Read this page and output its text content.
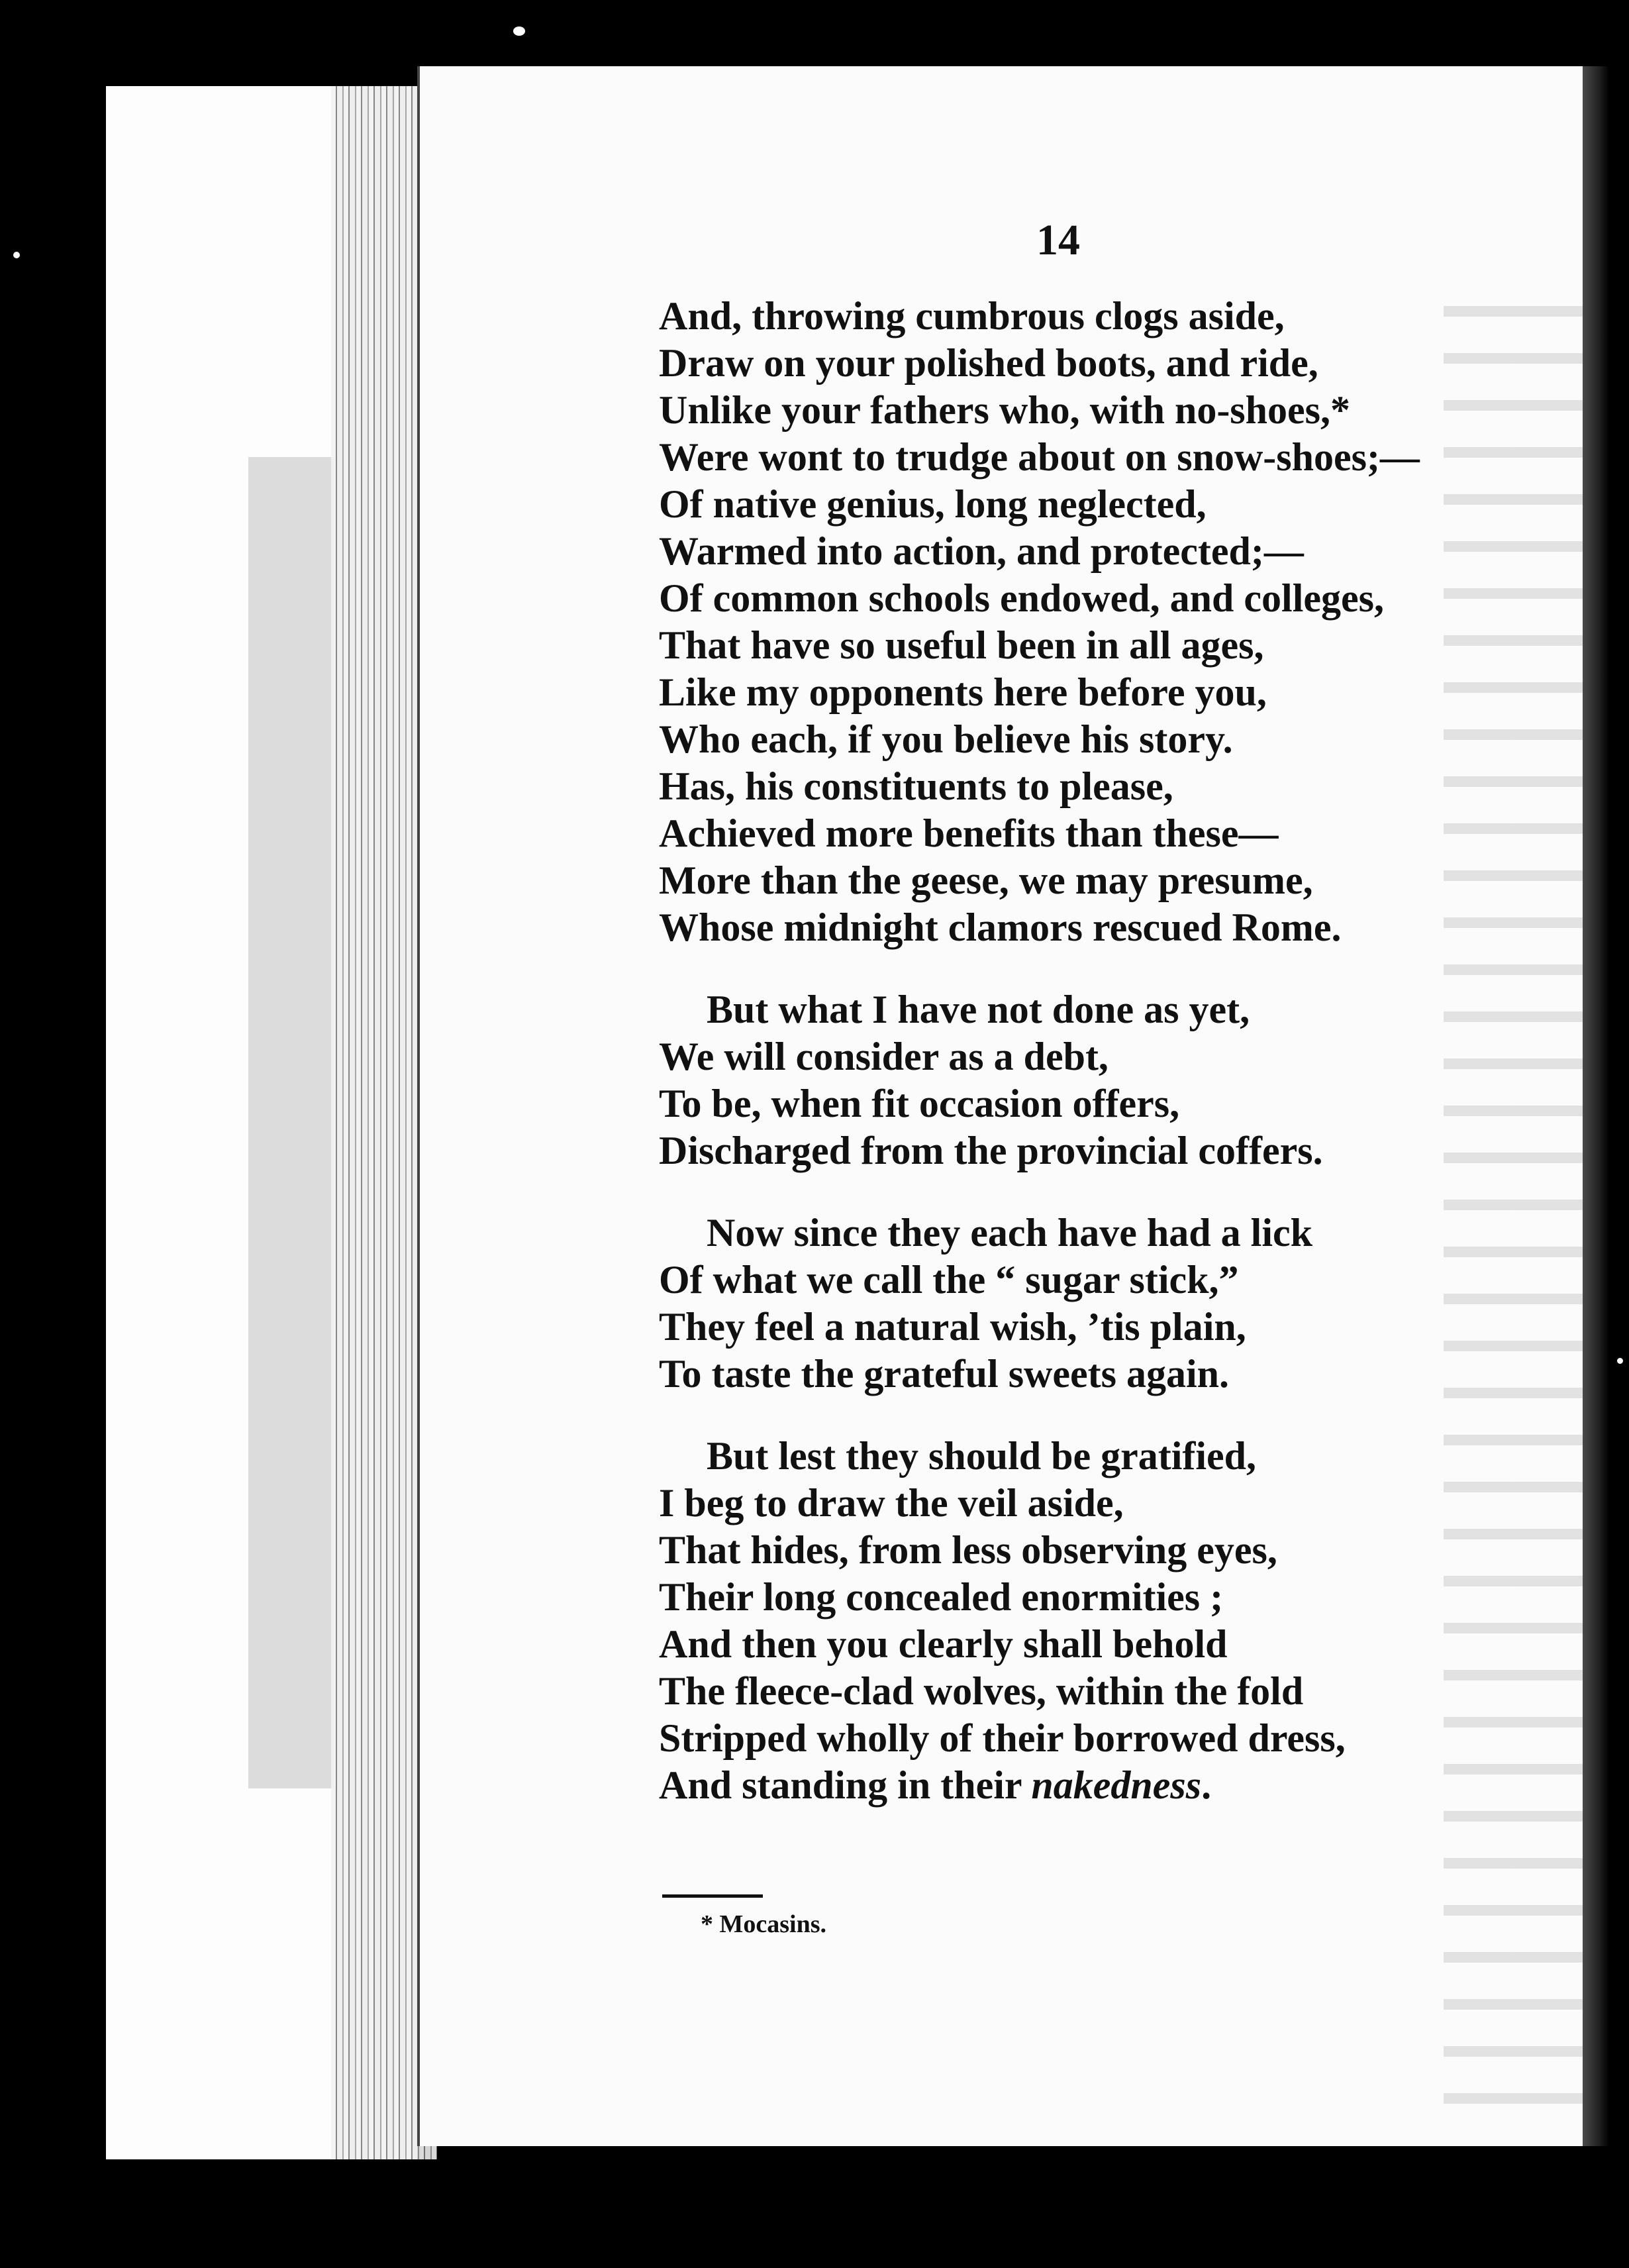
14
And, throwing cumbrous clogs aside,
Draw on your polished boots, and ride,
Unlike your fathers who, with no-shoes,*
Were wont to trudge about on snow-shoes;—
Of native genius, long neglected,
Warmed into action, and protected;—
Of common schools endowed, and colleges,
That have so useful been in all ages,
Like my opponents here before you,
Who each, if you believe his story.
Has, his constituents to please,
Achieved more benefits than these—
More than the geese, we may presume,
Whose midnight clamors rescued Rome.
But what I have not done as yet,
We will consider as a debt,
To be, when fit occasion offers,
Discharged from the provincial coffers.
Now since they each have had a lick
Of what we call the “ sugar stick,”
They feel a natural wish, ’tis plain,
To taste the grateful sweets again.
But lest they should be gratified,
I beg to draw the veil aside,
That hides, from less observing eyes,
Their long concealed enormities ;
And then you clearly shall behold
The fleece-clad wolves, within the fold
Stripped wholly of their borrowed dress,
And standing in their nakedness.
* Mocasins.
